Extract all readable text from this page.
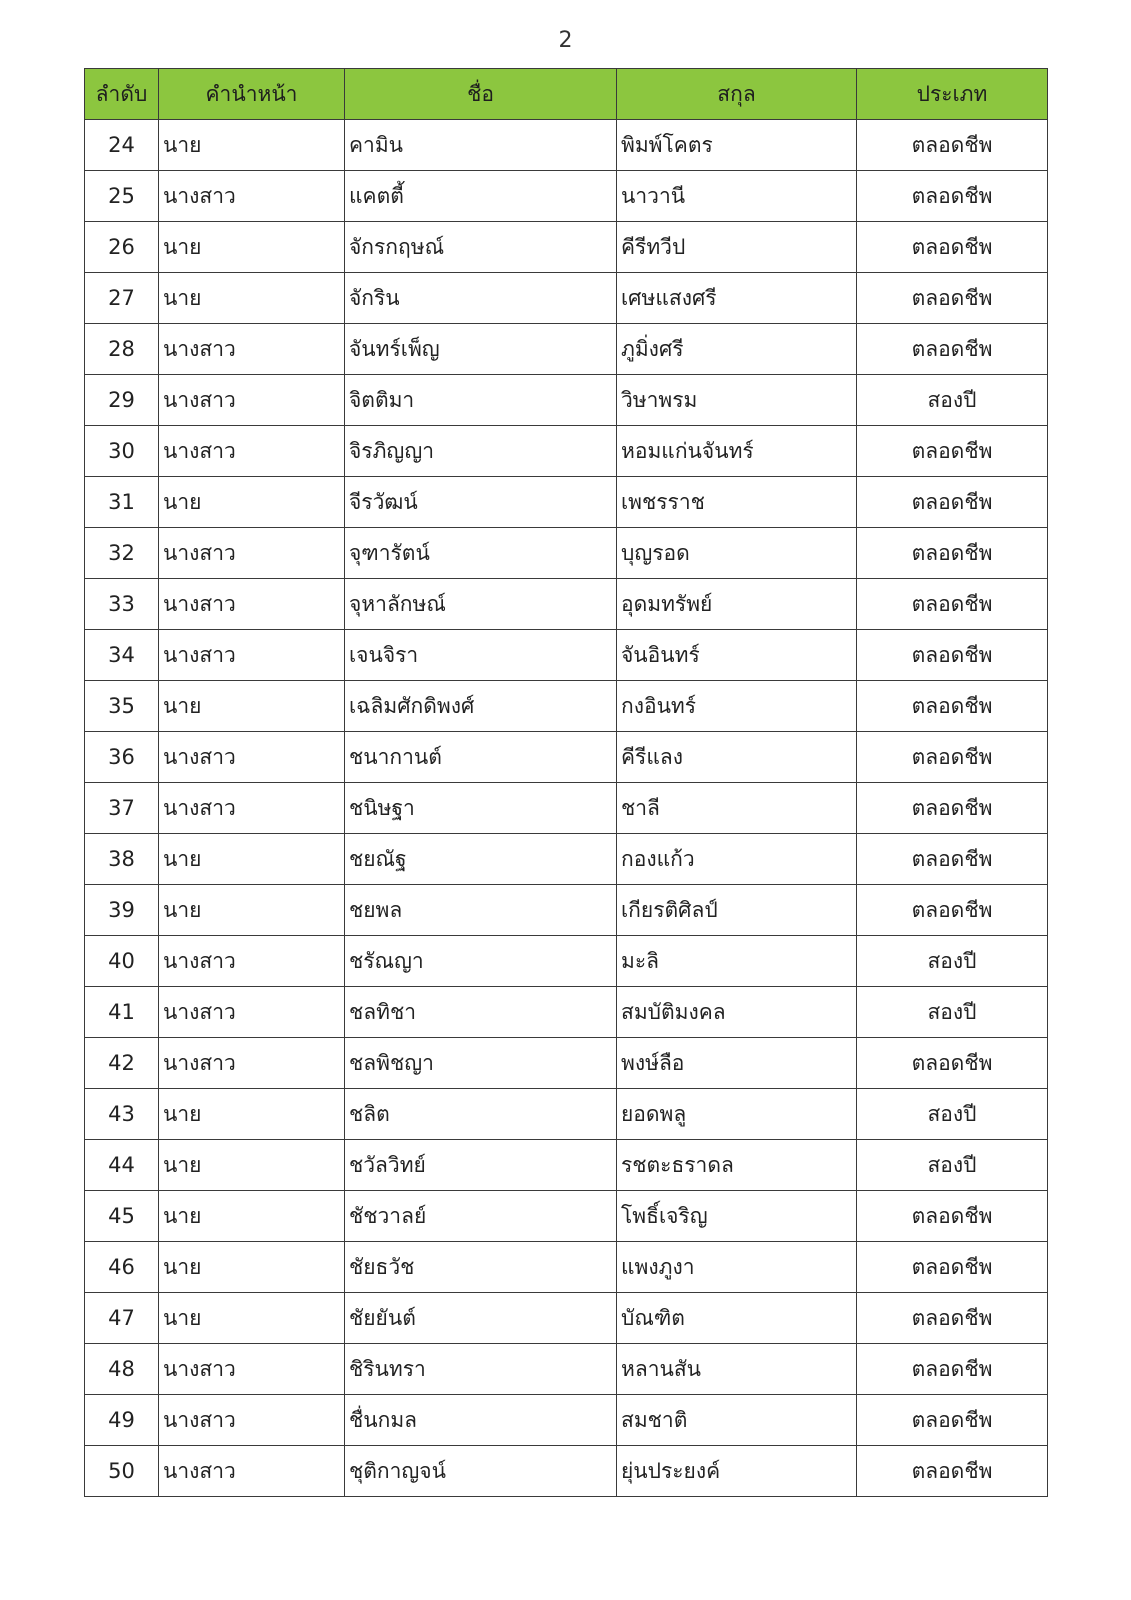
2
ลำดับ	คำนำหน้า	ชื่อ	สกุล	ประเภท
24	นาย	คามิน	พิมพ์โคตร	ตลอดชีพ
25	นางสาว	แคตตี้	นาวานี	ตลอดชีพ
26	นาย	จักรกฤษณ์	คีรีทวีป	ตลอดชีพ
27	นาย	จักริน	เศษแสงศรี	ตลอดชีพ
28	นางสาว	จันทร์เพ็ญ	ภูมิ่งศรี	ตลอดชีพ
29	นางสาว	จิตติมา	วิษาพรม	สองปี
30	นางสาว	จิรภิญญา	หอมแก่นจันทร์	ตลอดชีพ
31	นาย	จีรวัฒน์	เพชรราช	ตลอดชีพ
32	นางสาว	จุฑารัตน์	บุญรอด	ตลอดชีพ
33	นางสาว	จุหาลักษณ์	อุดมทรัพย์	ตลอดชีพ
34	นางสาว	เจนจิรา	จันอินทร์	ตลอดชีพ
35	นาย	เฉลิมศักดิพงศ์	กงอินทร์	ตลอดชีพ
36	นางสาว	ชนากานต์	คีรีแลง	ตลอดชีพ
37	นางสาว	ชนิษฐา	ชาลี	ตลอดชีพ
38	นาย	ชยณัฐ	กองแก้ว	ตลอดชีพ
39	นาย	ชยพล	เกียรติศิลป์	ตลอดชีพ
40	นางสาว	ชรัณญา	มะลิ	สองปี
41	นางสาว	ชลทิชา	สมบัติมงคล	สองปี
42	นางสาว	ชลพิชญา	พงษ์ลือ	ตลอดชีพ
43	นาย	ชลิต	ยอดพลู	สองปี
44	นาย	ชวัลวิทย์	รชตะธราดล	สองปี
45	นาย	ชัชวาลย์	โพธิ์เจริญ	ตลอดชีพ
46	นาย	ชัยธวัช	แพงภูงา	ตลอดชีพ
47	นาย	ชัยยันต์	บัณฑิต	ตลอดชีพ
48	นางสาว	ชิรินทรา	หลานสัน	ตลอดชีพ
49	นางสาว	ชื่นกมล	สมชาติ	ตลอดชีพ
50	นางสาว	ชุติกาญจน์	ยุ่นประยงค์	ตลอดชีพ
